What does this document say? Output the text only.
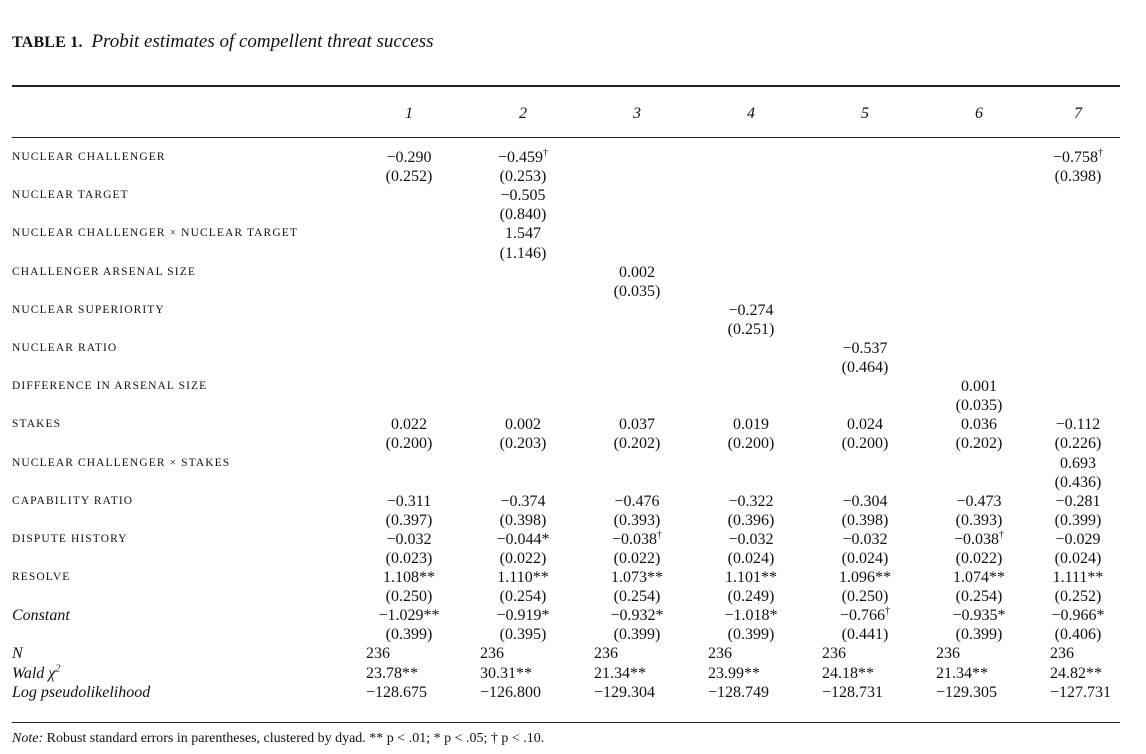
TABLE 1. Probit estimates of compellent threat success
	1	2	3	4	5	6	7
NUCLEAR CHALLENGER	−0.290	−0.459†					−0.758†
	(0.252)	(0.253)					(0.398)
NUCLEAR TARGET		−0.505					
		(0.840)					
NUCLEAR CHALLENGER × NUCLEAR TARGET		1.547					
		(1.146)					
CHALLENGER ARSENAL SIZE			0.002				
			(0.035)				
NUCLEAR SUPERIORITY				−0.274			
				(0.251)			
NUCLEAR RATIO					−0.537		
					(0.464)		
DIFFERENCE IN ARSENAL SIZE						0.001	
						(0.035)	
STAKES	0.022	0.002	0.037	0.019	0.024	0.036	−0.112
	(0.200)	(0.203)	(0.202)	(0.200)	(0.200)	(0.202)	(0.226)
NUCLEAR CHALLENGER × STAKES							0.693
							(0.436)
CAPABILITY RATIO	−0.311	−0.374	−0.476	−0.322	−0.304	−0.473	−0.281
	(0.397)	(0.398)	(0.393)	(0.396)	(0.398)	(0.393)	(0.399)
DISPUTE HISTORY	−0.032	−0.044*	−0.038†	−0.032	−0.032	−0.038†	−0.029
	(0.023)	(0.022)	(0.022)	(0.024)	(0.024)	(0.022)	(0.024)
RESOLVE	1.108**	1.110**	1.073**	1.101**	1.096**	1.074**	1.111**
	(0.250)	(0.254)	(0.254)	(0.249)	(0.250)	(0.254)	(0.252)
Constant	−1.029**	−0.919*	−0.932*	−1.018*	−0.766†	−0.935*	−0.966*
	(0.399)	(0.395)	(0.399)	(0.399)	(0.441)	(0.399)	(0.406)
N	236	236	236	236	236	236	236
Wald $\chi^2$	23.78**	30.31**	21.34**	23.99**	24.18**	21.34**	24.82**
Log pseudolikelihood	−128.675	−126.800	−129.304	−128.749	−128.731	−129.305	−127.731
Note: Robust standard errors in parentheses, clustered by dyad. ** p < .01; * p < .05; † p < .10.
